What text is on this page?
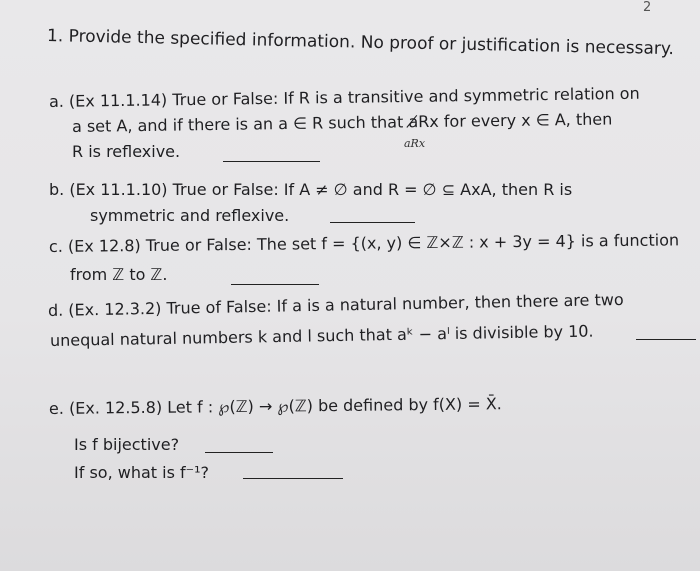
2
1. Provide the specified information. No proof or justification is necessary.
a. (Ex 11.1.14) True or False: If R is a transitive and symmetric relation on
a set A, and if there is an a ∈ R such that a̸Rx for every x ∈ A, then
R is reflexive.	aRx
b. (Ex 11.1.10) True or False: If A ≠ ∅ and R = ∅ ⊆ AxA, then R is
symmetric and reflexive.
c. (Ex 12.8) True or False: The set f = {(x, y) ∈ ℤ×ℤ : x + 3y = 4} is a function
from ℤ to ℤ.
d. (Ex. 12.3.2) True of False: If a is a natural number, then there are two
unequal natural numbers k and l such that aᵏ − aˡ is divisible by 10.
e. (Ex. 12.5.8) Let f : ℘(ℤ) → ℘(ℤ) be defined by f(X) = X̄.
Is f bijective?
If so, what is f⁻¹?
